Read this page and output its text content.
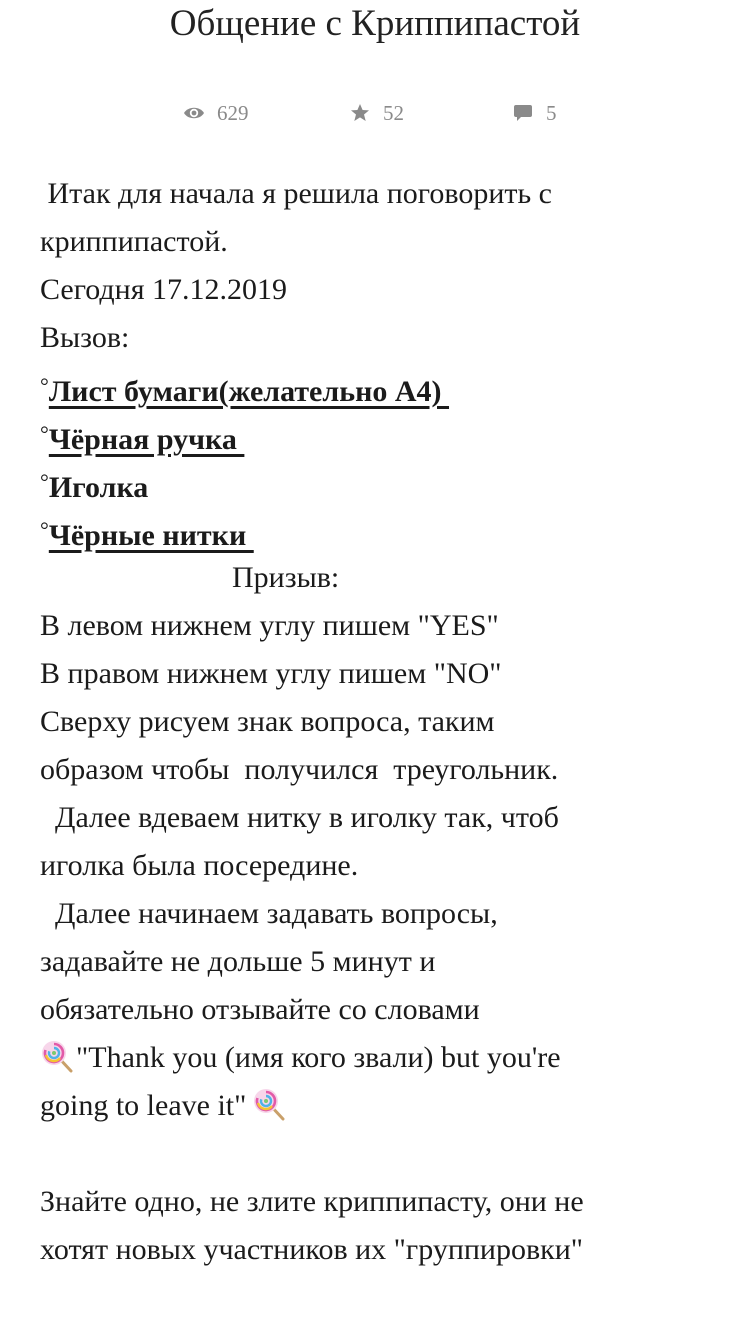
Общение с Криппипастой
629	52	5
Итак для начала я решила поговорить с
криппипастой.
Сегодня 17.12.2019
Вызов:
°Лист бумаги(желательно А4)
°Чёрная ручка
°Иголка
°Чёрные нитки
Призыв:
В левом нижнем углу пишем "YES"
В правом нижнем углу пишем "NO"
Сверху рисуем знак вопроса, таким
образом чтобы  получился  треугольник.
Далее вдеваем нитку в иголку так, чтоб
иголка была посередине.
Далее начинаем задавать вопросы,
задавайте не дольше 5 минут и
обязательно отзывайте со словами
"Thank you (имя кого звали) but you're
going to leave it"
Знайте одно, не злите криппипасту, они не
хотят новых участников их "группировки"
